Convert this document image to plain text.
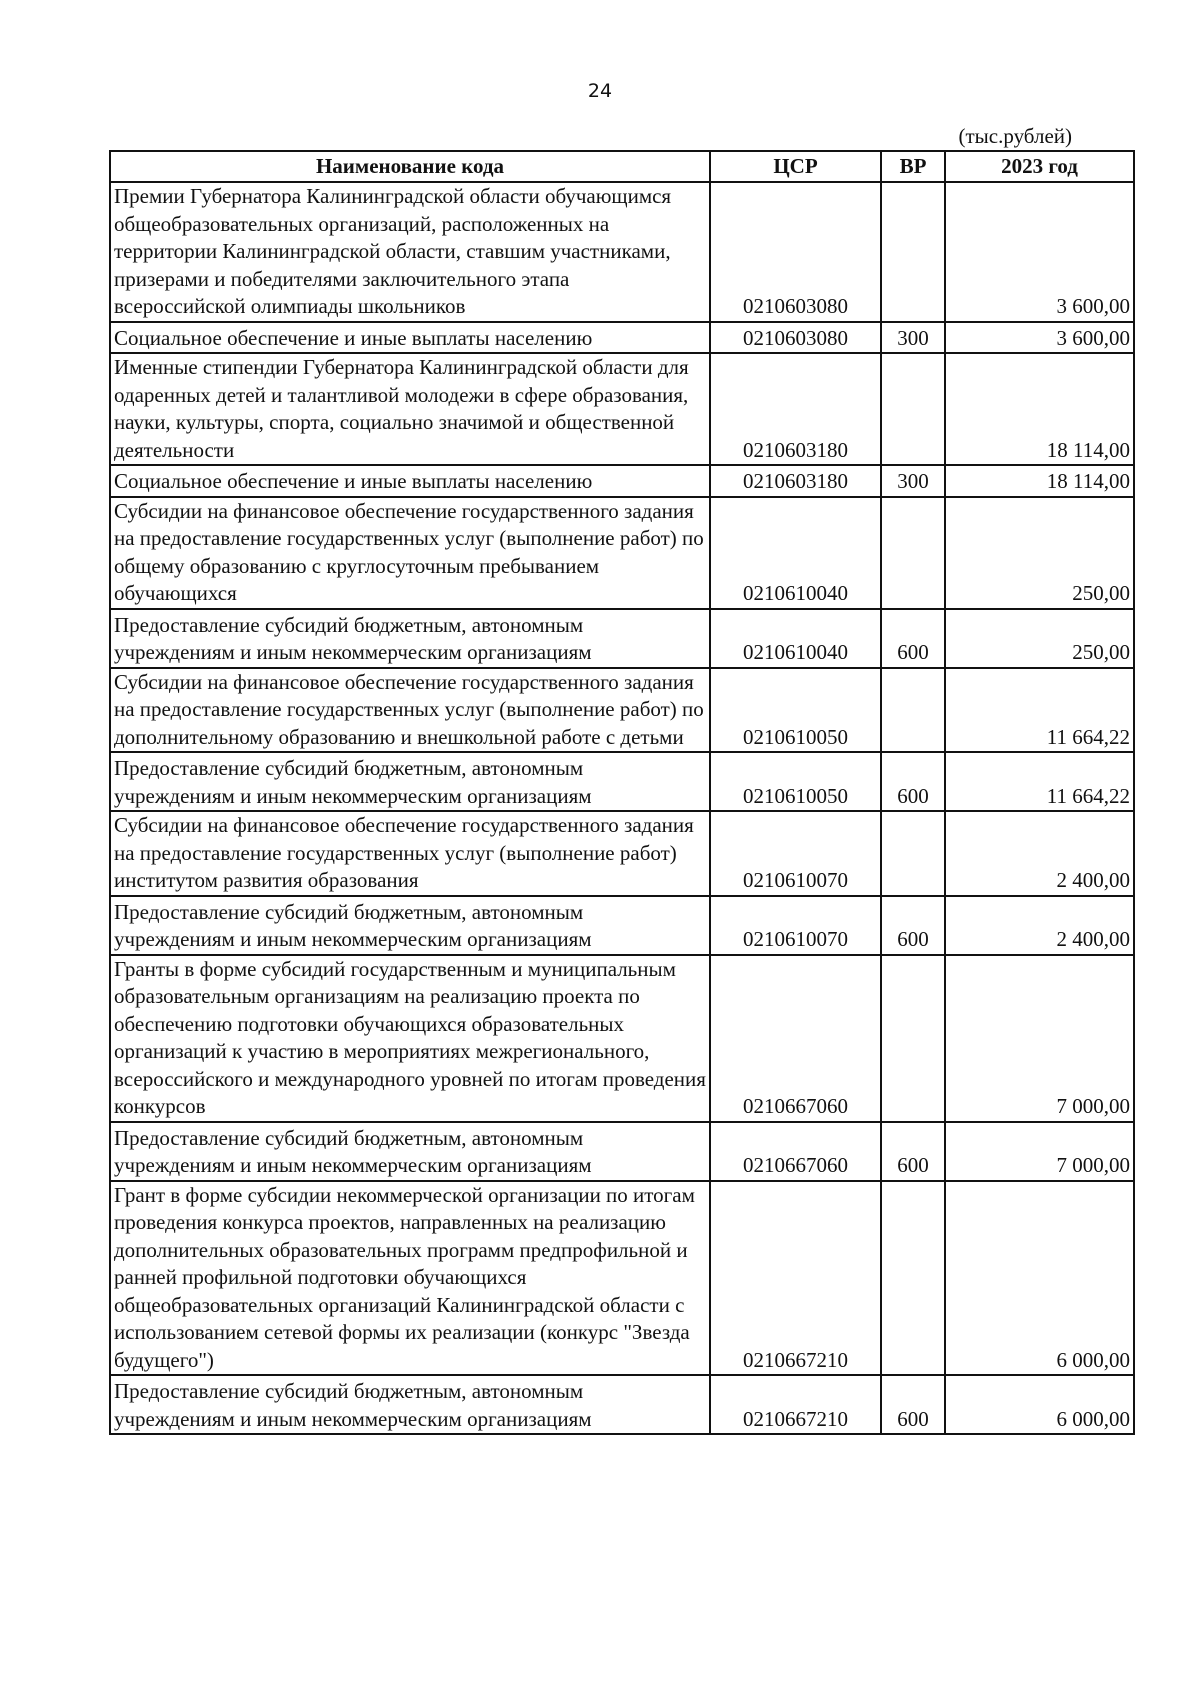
24
(тыс.рублей)
Наименование кода	ЦСР	ВР	2023 год
Премии Губернатора Калининградской области обучающимся общеобразовательных организаций, расположенных на территории Калининградской области, ставшим участниками, призерами и победителями заключительного этапа всероссийской олимпиады школьников	0210603080		3 600,00
Социальное обеспечение и иные выплаты населению	0210603080	300	3 600,00
Именные стипендии Губернатора Калининградской области для одаренных детей и талантливой молодежи в сфере образования, науки, культуры, спорта, социально значимой и общественной деятельности	0210603180		18 114,00
Социальное обеспечение и иные выплаты населению	0210603180	300	18 114,00
Субсидии на финансовое обеспечение государственного задания на предоставление государственных услуг (выполнение работ) по общему образованию с круглосуточным пребыванием обучающихся	0210610040		250,00
Предоставление субсидий бюджетным, автономным учреждениям и иным некоммерческим организациям	0210610040	600	250,00
Субсидии на финансовое обеспечение государственного задания на предоставление государственных услуг (выполнение работ) по дополнительному образованию и внешкольной работе с детьми	0210610050		11 664,22
Предоставление субсидий бюджетным, автономным учреждениям и иным некоммерческим организациям	0210610050	600	11 664,22
Субсидии на финансовое обеспечение государственного задания на предоставление государственных услуг (выполнение работ) институтом развития образования	0210610070		2 400,00
Предоставление субсидий бюджетным, автономным учреждениям и иным некоммерческим организациям	0210610070	600	2 400,00
Гранты в форме субсидий государственным и муниципальным образовательным организациям на реализацию проекта по обеспечению подготовки обучающихся образовательных организаций к участию в мероприятиях межрегионального, всероссийского и международного уровней по итогам проведения конкурсов	0210667060		7 000,00
Предоставление субсидий бюджетным, автономным учреждениям и иным некоммерческим организациям	0210667060	600	7 000,00
Грант в форме субсидии некоммерческой организации по итогам проведения конкурса проектов, направленных на реализацию дополнительных образовательных программ предпрофильной и ранней профильной подготовки обучающихся общеобразовательных организаций Калининградской области с использованием сетевой формы их реализации (конкурс "Звезда будущего")	0210667210		6 000,00
Предоставление субсидий бюджетным, автономным учреждениям и иным некоммерческим организациям	0210667210	600	6 000,00
